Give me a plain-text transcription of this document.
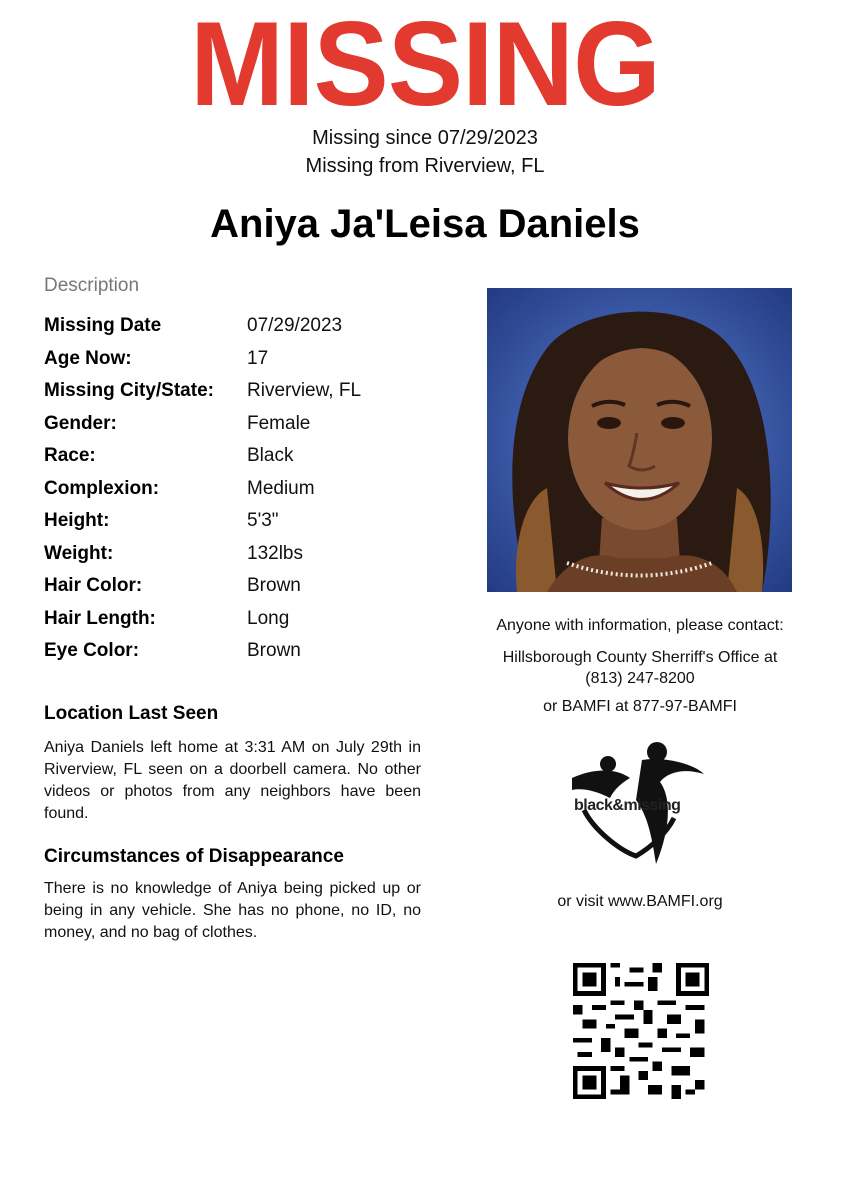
MISSING
Missing since 07/29/2023
Missing from Riverview, FL
Aniya Ja'Leisa Daniels
Description
Missing Date	07/29/2023
Age Now:	17
Missing City/State:	Riverview, FL
Gender:	Female
Race:	Black
Complexion:	Medium
Height:	5'3"
Weight:	132lbs
Hair Color:	Brown
Hair Length:	Long
Eye Color:	Brown
Location Last Seen
Aniya Daniels left home at 3:31 AM on July 29th in Riverview, FL seen on a doorbell camera. No other videos or photos from any neighbors have been found.
Circumstances of Disappearance
There is no knowledge of Aniya being picked up or being in any vehicle. She has no phone, no ID, no money, and no bag of clothes.
Anyone with information, please contact:
Hillsborough County Sherriff's Office at (813) 247-8200
or BAMFI at 877-97-BAMFI
black&missing
or visit www.BAMFI.org
